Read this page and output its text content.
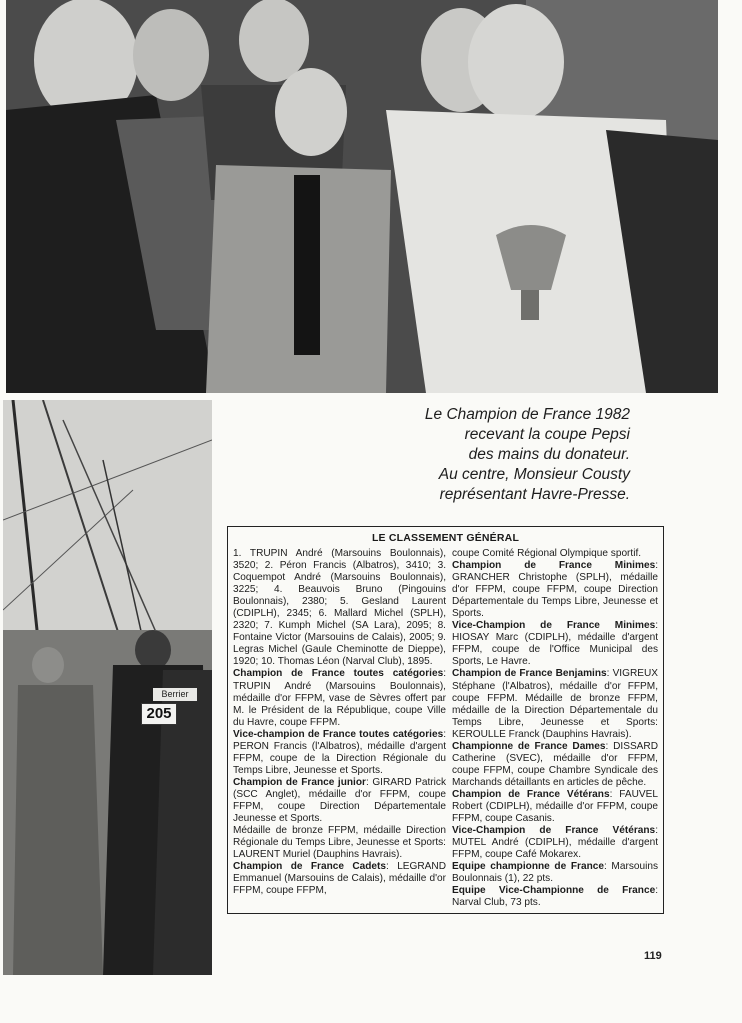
Berrier
205
Le Champion de France 1982
recevant la coupe Pepsi
des mains du donateur.
Au centre, Monsieur Cousty
représentant Havre-Presse.
LE CLASSEMENT GÉNÉRAL

1. TRUPIN André (Marsouins Boulonnais), 3520; 2. Péron Francis (Albatros), 3410; 3. Coquempot André (Marsouins Boulonnais), 3225; 4. Beauvois Bruno (Pingouins Boulonnais), 2380; 5. Gesland Laurent (CDIPLH), 2345; 6. Mallard Michel (SPLH), 2320; 7. Kumph Michel (SA Lara), 2095; 8. Fontaine Victor (Marsouins de Calais), 2005; 9. Legras Michel (Gaule Cheminotte de Dieppe), 1920; 10. Thomas Léon (Narval Club), 1895.

Champion de France toutes catégories: TRUPIN André (Marsouins Boulonnais), médaille d'or FFPM, vase de Sèvres offert par M. le Président de la République, coupe Ville du Havre, coupe FFPM.

Vice-champion de France toutes catégories: PERON Francis (l'Albatros), médaille d'argent FFPM, coupe de la Direction Régionale du Temps Libre, Jeunesse et Sports.

Champion de France junior: GIRARD Patrick (SCC Anglet), médaille d'or FFPM, coupe FFPM, coupe Direction Départementale Jeunesse et Sports.

Médaille de bronze FFPM, médaille Direction Régionale du Temps Libre, Jeunesse et Sports: LAURENT Muriel (Dauphins Havrais).

Champion de France Cadets: LEGRAND Emmanuel (Marsouins de Calais), médaille d'or FFPM, coupe FFPM,

coupe Comité Régional Olympique sportif.

Champion de France Minimes: GRANCHER Christophe (SPLH), médaille d'or FFPM, coupe FFPM, coupe Direction Départementale du Temps Libre, Jeunesse et Sports.

Vice-Champion de France Minimes: HIOSAY Marc (CDIPLH), médaille d'argent FFPM, coupe de l'Office Municipal des Sports, Le Havre.

Champion de France Benjamins: VIGREUX Stéphane (l'Albatros), médaille d'or FFPM, coupe FFPM. Médaille de bronze FFPM, médaille de la Direction Départementale du Temps Libre, Jeunesse et Sports: KEROULLE Franck (Dauphins Havrais).

Championne de France Dames: DISSARD Catherine (SVEC), médaille d'or FFPM, coupe FFPM, coupe Chambre Syndicale des Marchands détaillants en articles de pêche.

Champion de France Vétérans: FAUVEL Robert (CDIPLH), médaille d'or FFPM, coupe FFPM, coupe Casanis.

Vice-Champion de France Vétérans: MUTEL André (CDIPLH), médaille d'argent FFPM, coupe Café Mokarex.

Equipe championne de France: Marsouins Boulonnais (1), 22 pts.

Equipe Vice-Championne de France: Narval Club, 73 pts.

119
